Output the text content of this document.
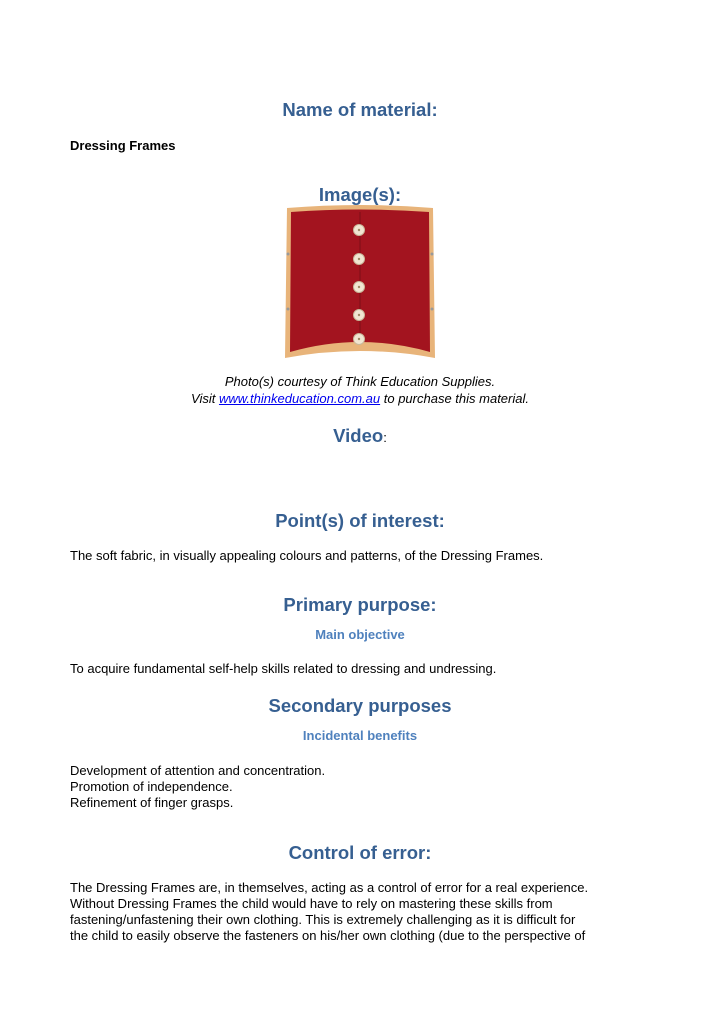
Name of material:
Dressing Frames
Image(s):
Photo(s) courtesy of Think Education Supplies.
Visit www.thinkeducation.com.au to purchase this material.
Video:
Point(s) of interest:
The soft fabric, in visually appealing colours and patterns, of the Dressing Frames.
Primary purpose:
Main objective
To acquire fundamental self-help skills related to dressing and undressing.
Secondary purposes
Incidental benefits
Development of attention and concentration.
Promotion of independence.
Refinement of finger grasps.
Control of error:
The Dressing Frames are, in themselves, acting as a control of error for a real experience.
Without Dressing Frames the child would have to rely on mastering these skills from
fastening/unfastening their own clothing. This is extremely challenging as it is difficult for
the child to easily observe the fasteners on his/her own clothing (due to the perspective of
